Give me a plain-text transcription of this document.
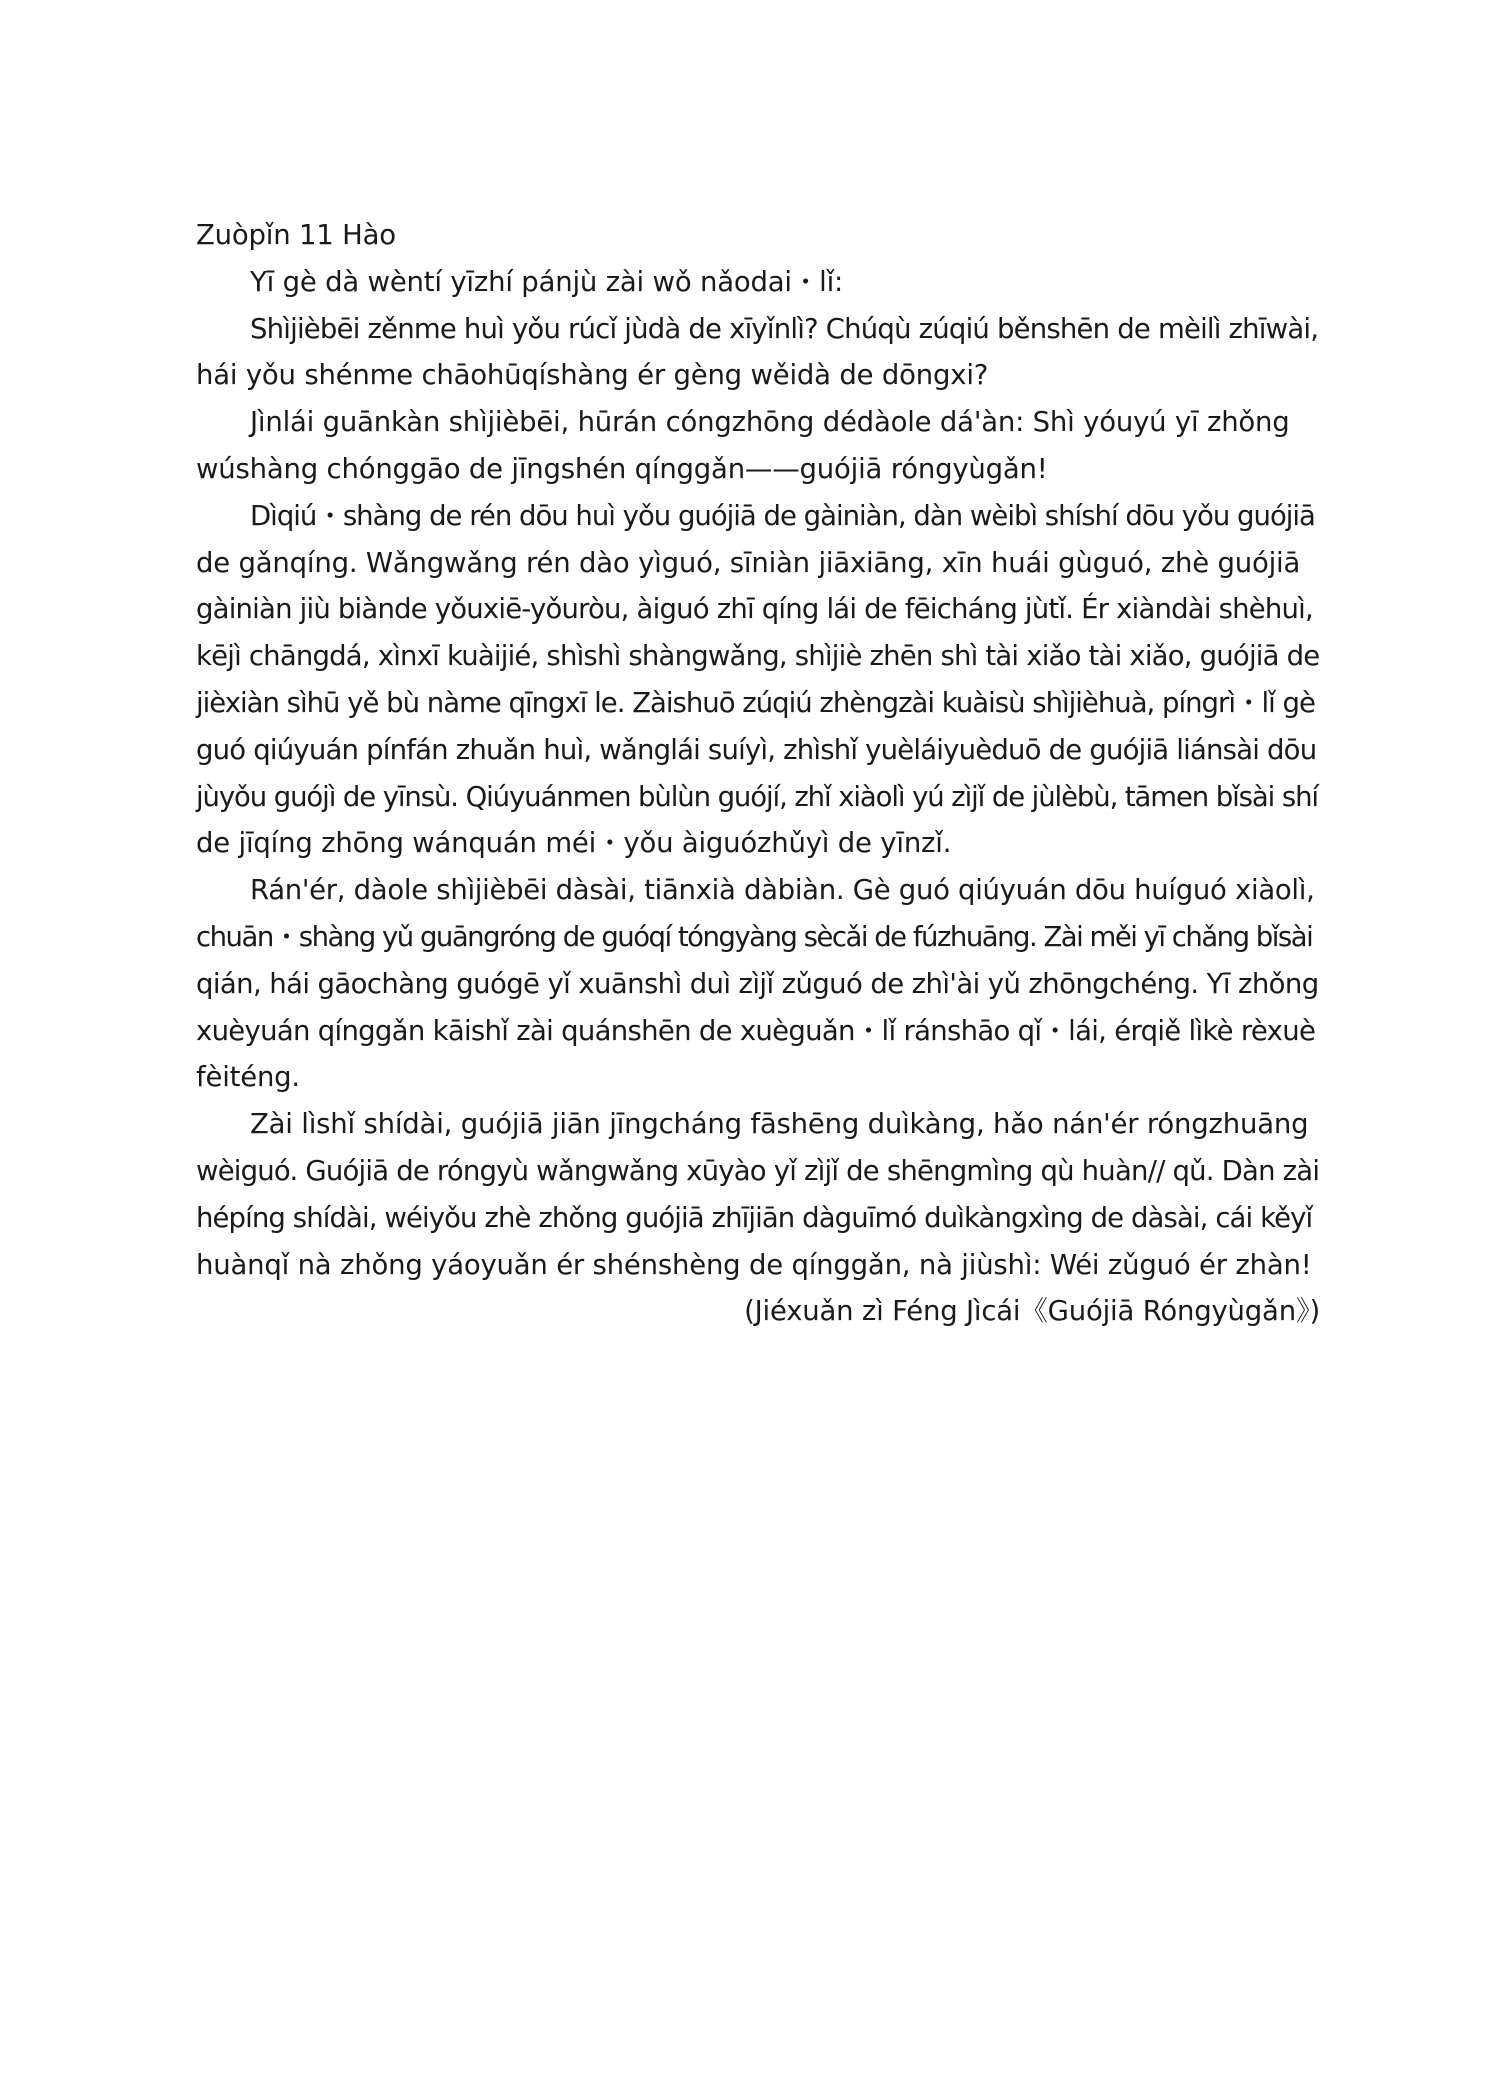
Zuòpǐn 11 Hào
Yī gè dà wèntí yīzhí pánjù zài wǒ nǎodai・lǐ:
Shìjièbēi zěnme huì yǒu rúcǐ jùdà de xīyǐnlì? Chúqù zúqiú běnshēn de mèilì zhīwài,
hái yǒu shénme chāohūqíshàng ér gèng wěidà de dōngxi?
Jìnlái guānkàn shìjièbēi, hūrán cóngzhōng dédàole dá'àn: Shì yóuyú yī zhǒng
wúshàng chónggāo de jīngshén qínggǎn——guójiā róngyùgǎn!
Dìqiú・shàng de rén dōu huì yǒu guójiā de gàiniàn, dàn wèibì shíshí dōu yǒu guójiā
de gǎnqíng. Wǎngwǎng rén dào yìguó, sīniàn jiāxiāng, xīn huái gùguó, zhè guójiā
gàiniàn jiù biànde yǒuxiē-yǒuròu, àiguó zhī qíng lái de fēicháng jùtǐ. Ér xiàndài shèhuì,
kējì chāngdá, xìnxī kuàijié, shìshì shàngwǎng, shìjiè zhēn shì tài xiǎo tài xiǎo, guójiā de
jièxiàn sìhū yě bù nàme qīngxī le. Zàishuō zúqiú zhèngzài kuàisù shìjièhuà, píngrì・lǐ gè
guó qiúyuán pínfán zhuǎn huì, wǎnglái suíyì, zhìshǐ yuèláiyuèduō de guójiā liánsài dōu
jùyǒu guójì de yīnsù. Qiúyuánmen bùlùn guójí, zhǐ xiàolì yú zìjǐ de jùlèbù, tāmen bǐsài shí
de jīqíng zhōng wánquán méi・yǒu àiguózhǔyì de yīnzǐ.
Rán'ér, dàole shìjièbēi dàsài, tiānxià dàbiàn. Gè guó qiúyuán dōu huíguó xiàolì,
chuān・shàng yǔ guāngróng de guóqí tóngyàng sècǎi de fúzhuāng. Zài měi yī chǎng bǐsài
qián, hái gāochàng guógē yǐ xuānshì duì zìjǐ zǔguó de zhì'ài yǔ zhōngchéng. Yī zhǒng
xuèyuán qínggǎn kāishǐ zài quánshēn de xuèguǎn・lǐ ránshāo qǐ・lái, érqiě lìkè rèxuè
fèiténg.
Zài lìshǐ shídài, guójiā jiān jīngcháng fāshēng duìkàng, hǎo nán'ér róngzhuāng
wèiguó. Guójiā de róngyù wǎngwǎng xūyào yǐ zìjǐ de shēngmìng qù huàn// qǔ. Dàn zài
hépíng shídài, wéiyǒu zhè zhǒng guójiā zhījiān dàguīmó duìkàngxìng de dàsài, cái kěyǐ
huànqǐ nà zhǒng yáoyuǎn ér shénshèng de qínggǎn, nà jiùshì: Wéi zǔguó ér zhàn!
(Jiéxuǎn zì Féng Jìcái《Guójiā Róngyùgǎn》)
